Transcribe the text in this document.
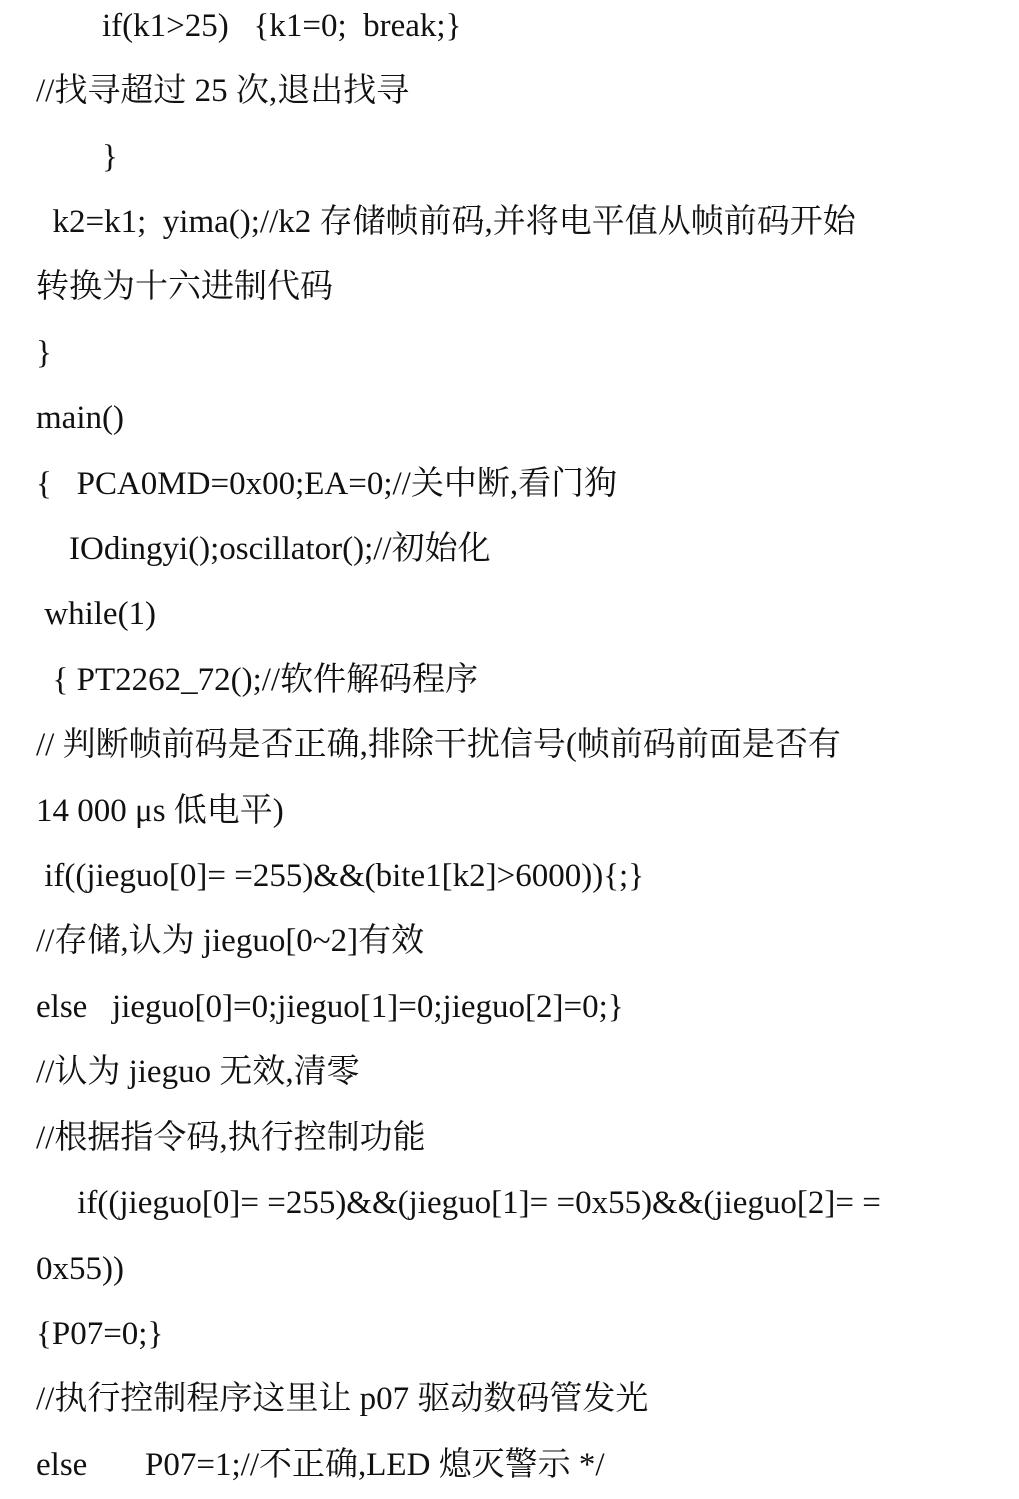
if(k1>25)   {k1=0;  break;}
//找寻超过 25 次,退出找寻
}
k2=k1;  yima();//k2 存储帧前码,并将电平值从帧前码开始
转换为十六进制代码
}
main()
{   PCA0MD=0x00;EA=0;//关中断,看门狗
IOdingyi();oscillator();//初始化
while(1)
{ PT2262_72();//软件解码程序
// 判断帧前码是否正确,排除干扰信号(帧前码前面是否有
14 000 μs 低电平)
if((jieguo[0]= =255)&&(bite1[k2]>6000)){;}
//存储,认为 jieguo[0~2]有效
else   jieguo[0]=0;jieguo[1]=0;jieguo[2]=0;}
//认为 jieguo 无效,清零
//根据指令码,执行控制功能
if((jieguo[0]= =255)&&(jieguo[1]= =0x55)&&(jieguo[2]= =
0x55))
{P07=0;}
//执行控制程序这里让 p07 驱动数码管发光
else       P07=1;//不正确,LED 熄灭警示 */
